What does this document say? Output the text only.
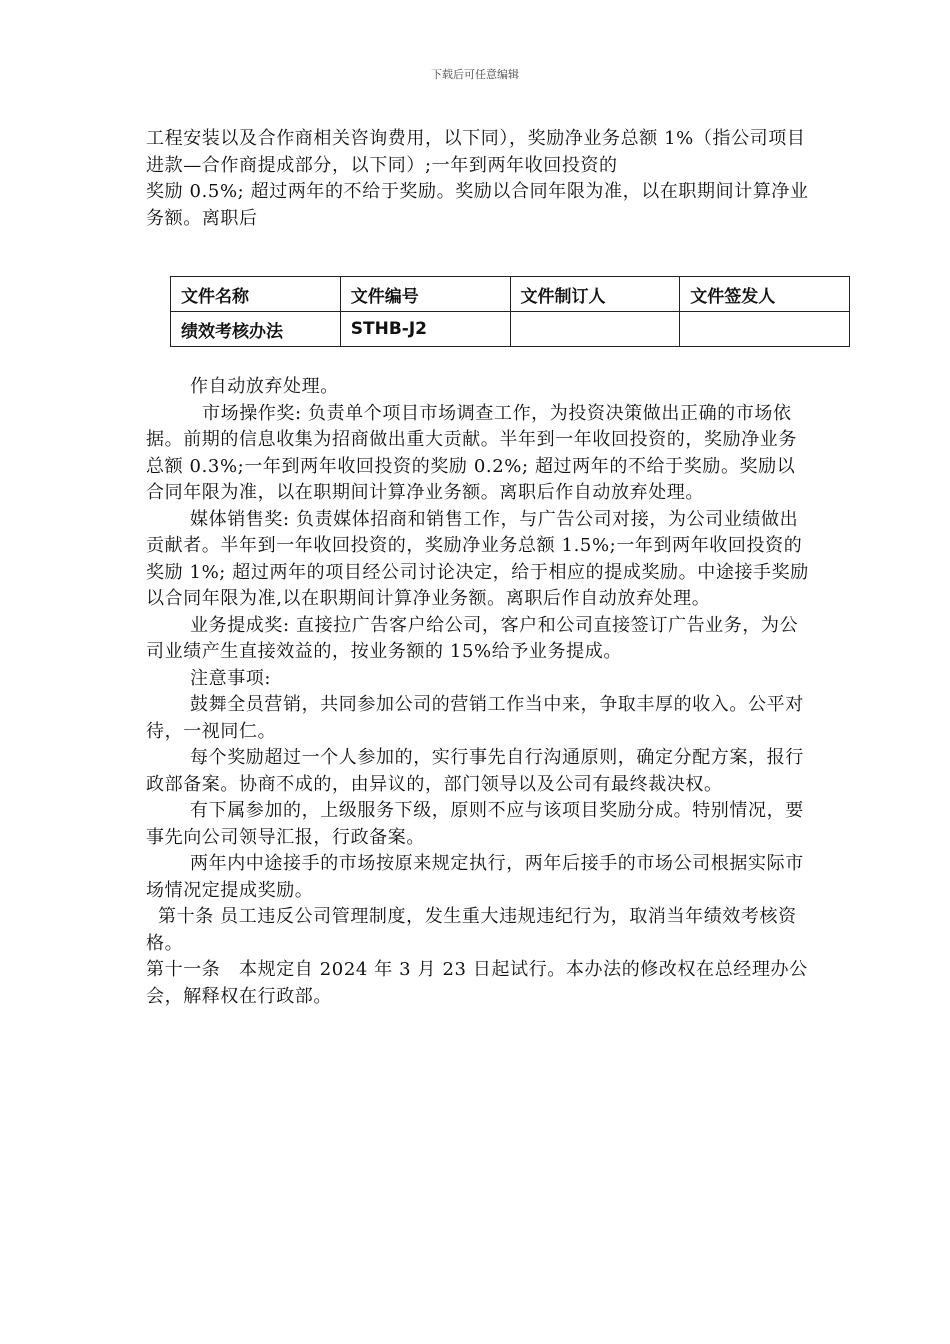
下载后可任意编辑

工程安装以及合作商相关咨询费用，以下同），奖励净业务总额 1%（指公司项目进款—合作商提成部分，以下同）;一年到两年收回投资的

奖励 0.5%; 超过两年的不给于奖励。奖励以合同年限为准，以在职期间计算净业务额。离职后

文件名称	文件编号	文件制订人	文件签发人
绩效考核办法	STHB-J2		

作自动放弃处理。

市场操作奖: 负责单个项目市场调查工作，为投资决策做出正确的市场依据。前期的信息收集为招商做出重大贡献。半年到一年收回投资的，奖励净业务总额 0.3%;一年到两年收回投资的奖励 0.2%; 超过两年的不给于奖励。奖励以合同年限为准，以在职期间计算净业务额。离职后作自动放弃处理。

媒体销售奖: 负责媒体招商和销售工作，与广告公司对接，为公司业绩做出贡献者。半年到一年收回投资的，奖励净业务总额 1.5%;一年到两年收回投资的奖励 1%; 超过两年的项目经公司讨论决定，给于相应的提成奖励。中途接手奖励以合同年限为准,以在职期间计算净业务额。离职后作自动放弃处理。

业务提成奖: 直接拉广告客户给公司，客户和公司直接签订广告业务，为公司业绩产生直接效益的，按业务额的 15%给予业务提成。

注意事项:

鼓舞全员营销，共同参加公司的营销工作当中来，争取丰厚的收入。公平对待，一视同仁。

每个奖励超过一个人参加的，实行事先自行沟通原则，确定分配方案，报行政部备案。协商不成的，由异议的，部门领导以及公司有最终裁决权。

有下属参加的，上级服务下级，原则不应与该项目奖励分成。特别情况，要事先向公司领导汇报，行政备案。

两年内中途接手的市场按原来规定执行，两年后接手的市场公司根据实际市场情况定提成奖励。

第十条 员工违反公司管理制度，发生重大违规违纪行为，取消当年绩效考核资格。

第十一条　本规定自 2024 年 3 月 23 日起试行。本办法的修改权在总经理办公会，解释权在行政部。
